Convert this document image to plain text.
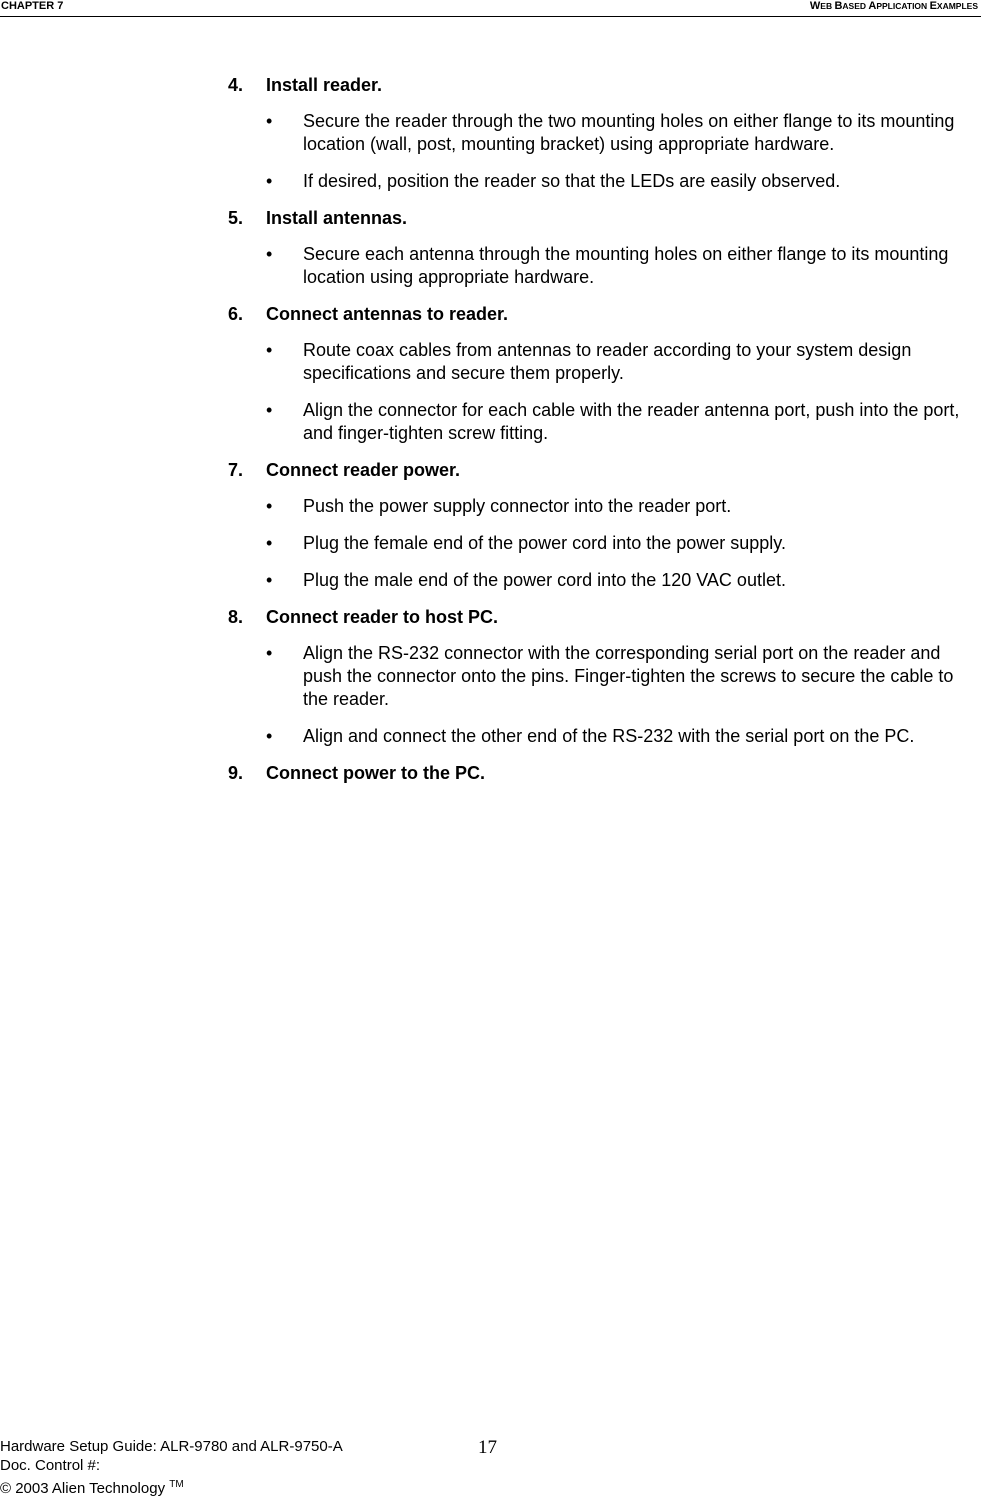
CHAPTER 7	WEB BASED APPLICATION EXAMPLES
4. Install reader.
• Secure the reader through the two mounting holes on either flange to its mounting location (wall, post, mounting bracket) using appropriate hardware.
• If desired, position the reader so that the LEDs are easily observed.
5. Install antennas.
• Secure each antenna through the mounting holes on either flange to its mounting location using appropriate hardware.
6. Connect antennas to reader.
• Route coax cables from antennas to reader according to your system design specifications and secure them properly.
• Align the connector for each cable with the reader antenna port, push into the port, and finger-tighten screw fitting.
7. Connect reader power.
• Push the power supply connector into the reader port.
• Plug the female end of the power cord into the power supply.
• Plug the male end of the power cord into the 120 VAC outlet.
8. Connect reader to host PC.
• Align the RS-232 connector with the corresponding serial port on the reader and push the connector onto the pins. Finger-tighten the screws to secure the cable to the reader.
• Align and connect the other end of the RS-232 with the serial port on the PC.
9. Connect power to the PC.
Hardware Setup Guide: ALR-9780 and ALR-9750-A
Doc. Control #:
© 2003 Alien Technology ™
17
